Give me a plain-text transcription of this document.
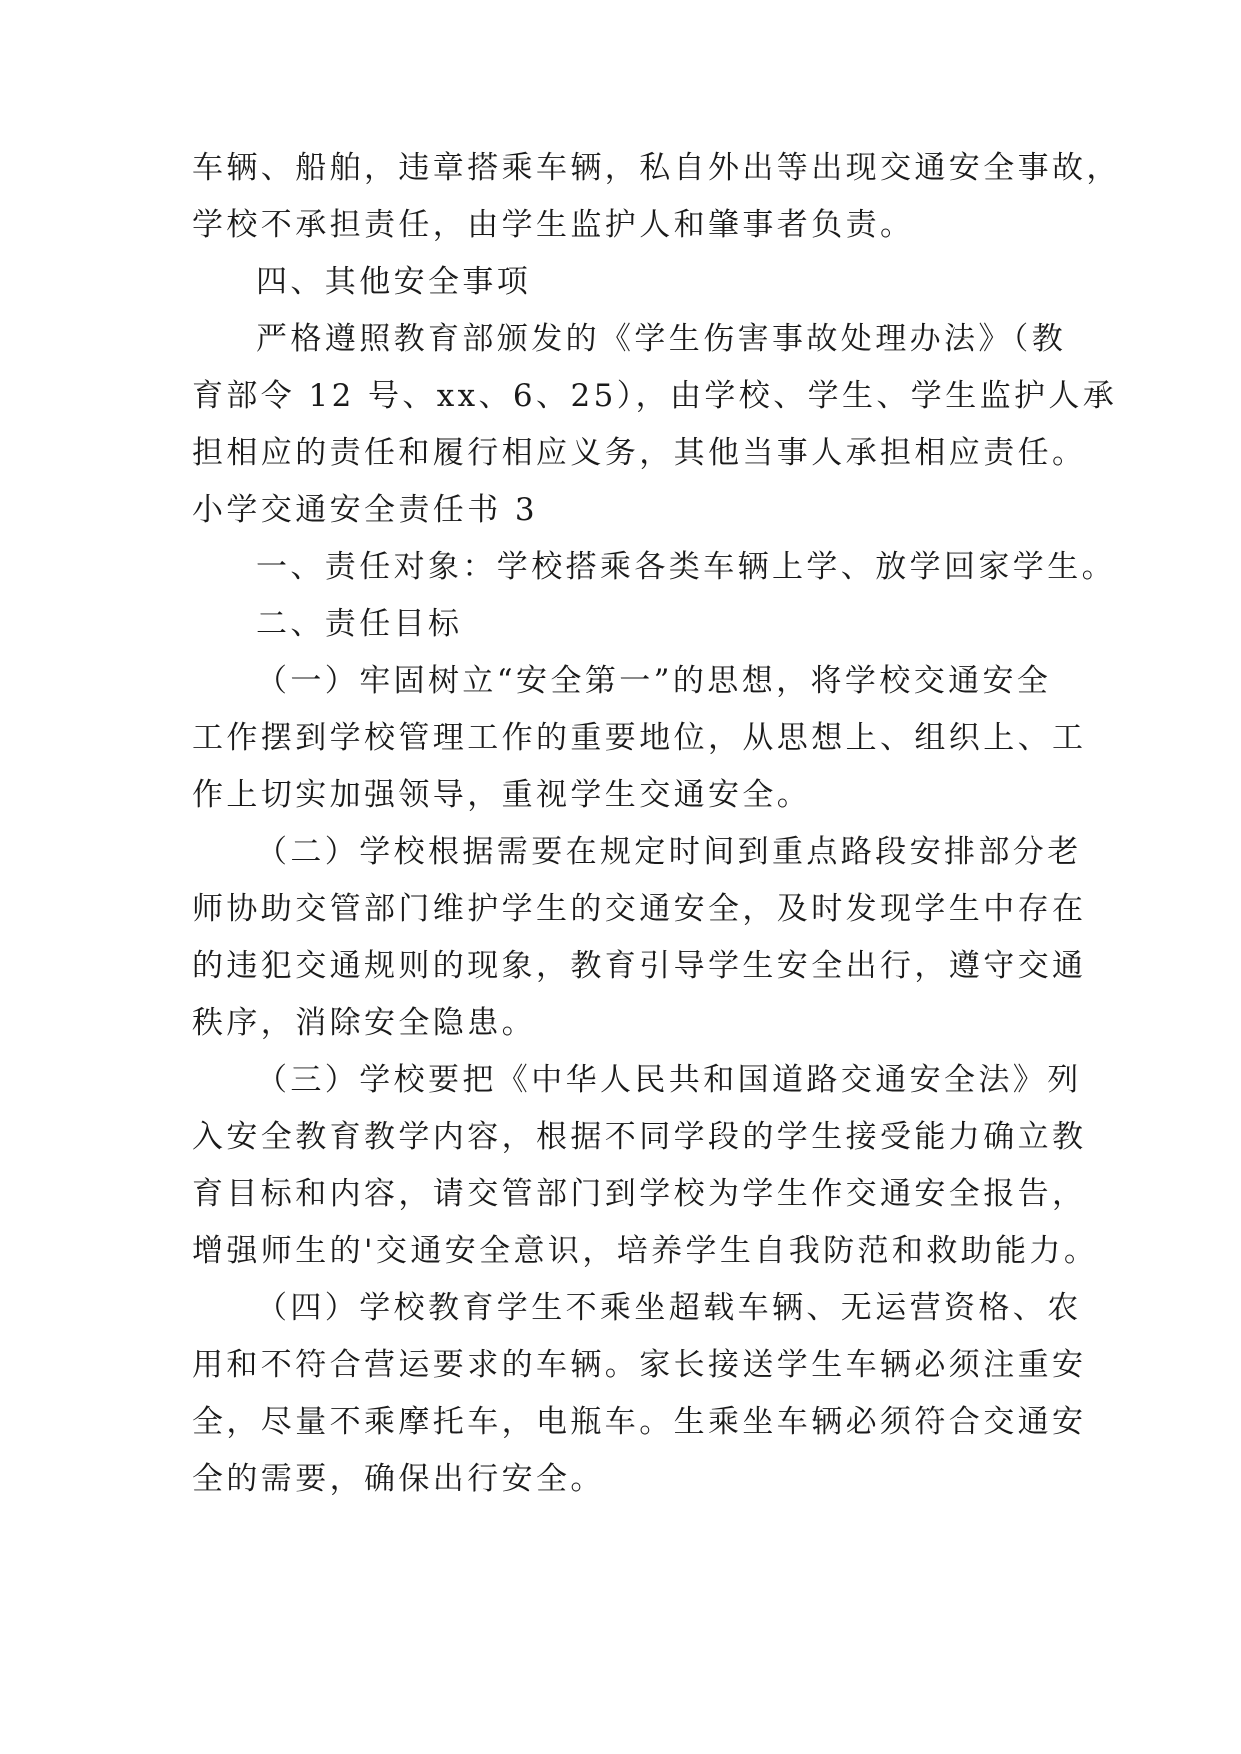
车辆、船舶，违章搭乘车辆，私自外出等出现交通安全事故，
学校不承担责任，由学生监护人和肇事者负责。
四、其他安全事项
严格遵照教育部颁发的《学生伤害事故处理办法》（教
育部令 12 号、xx、6、25），由学校、学生、学生监护人承
担相应的责任和履行相应义务，其他当事人承担相应责任。
小学交通安全责任书 3
一、责任对象：学校搭乘各类车辆上学、放学回家学生。
二、责任目标
（一）牢固树立“安全第一”的思想，将学校交通安全
工作摆到学校管理工作的重要地位，从思想上、组织上、工
作上切实加强领导，重视学生交通安全。
（二）学校根据需要在规定时间到重点路段安排部分老
师协助交管部门维护学生的交通安全，及时发现学生中存在
的违犯交通规则的现象，教育引导学生安全出行，遵守交通
秩序，消除安全隐患。
（三）学校要把《中华人民共和国道路交通安全法》列
入安全教育教学内容，根据不同学段的学生接受能力确立教
育目标和内容，请交管部门到学校为学生作交通安全报告，
增强师生的'交通安全意识，培养学生自我防范和救助能力。
（四）学校教育学生不乘坐超载车辆、无运营资格、农
用和不符合营运要求的车辆。家长接送学生车辆必须注重安
全，尽量不乘摩托车，电瓶车。生乘坐车辆必须符合交通安
全的需要，确保出行安全。
